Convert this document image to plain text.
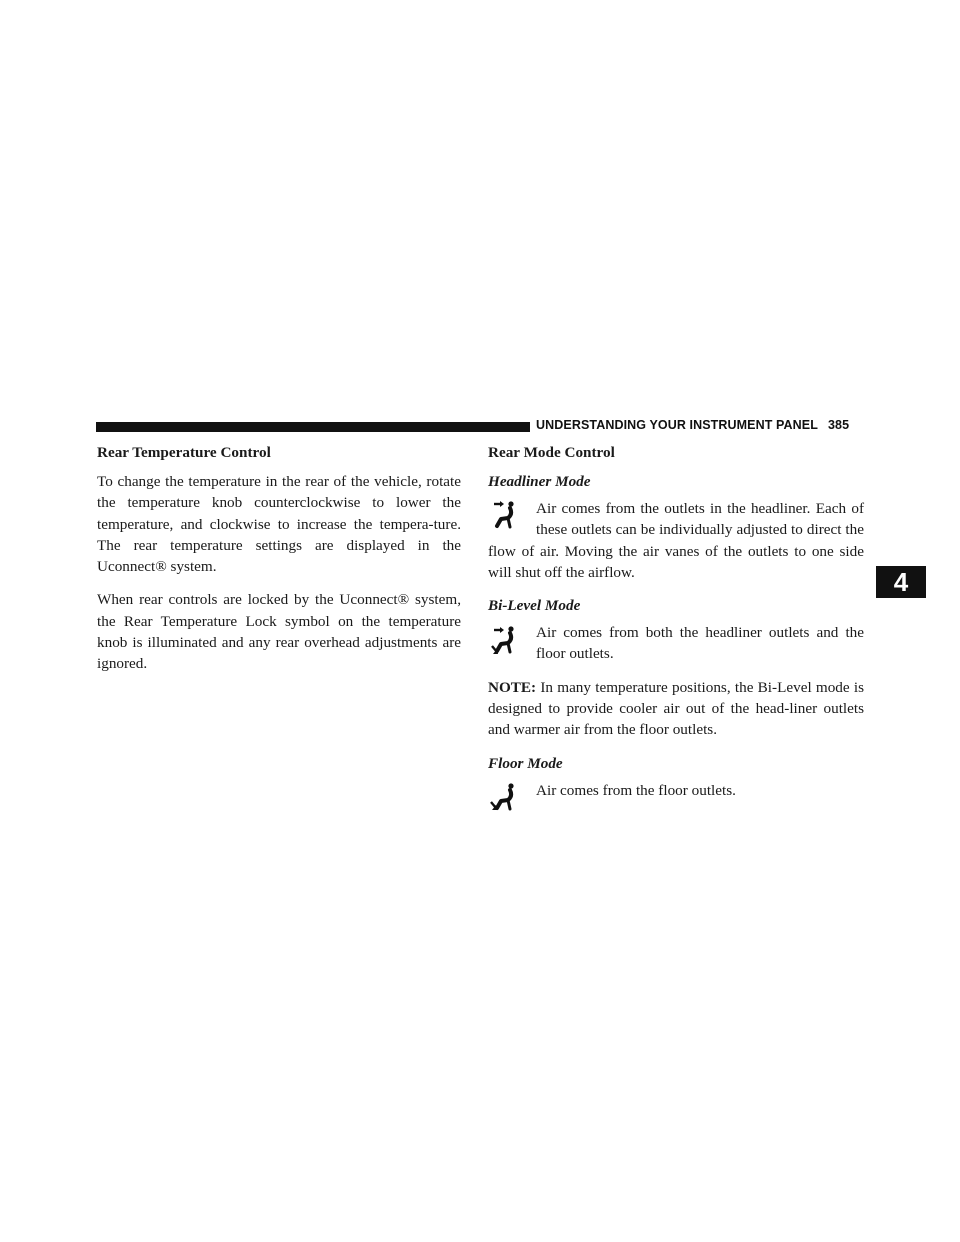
UNDERSTANDING YOUR INSTRUMENT PANEL 385
4
Rear Temperature Control

To change the temperature in the rear of the vehicle, rotate the temperature knob counterclockwise to lower the temperature, and clockwise to increase the tempera-ture. The rear temperature settings are displayed in the Uconnect® system.

When rear controls are locked by the Uconnect® system, the Rear Temperature Lock symbol on the temperature knob is illuminated and any rear overhead adjustments are ignored.

Rear Mode Control
Headliner Mode
Air comes from the outlets in the headliner. Each of these outlets can be individually adjusted to direct the flow of air. Moving the air vanes of the outlets to one side will shut off the airflow.
Bi-Level Mode
Air comes from both the headliner outlets and the floor outlets.

NOTE: In many temperature positions, the Bi-Level mode is designed to provide cooler air out of the head-liner outlets and warmer air from the floor outlets.

Floor Mode
Air comes from the floor outlets.
